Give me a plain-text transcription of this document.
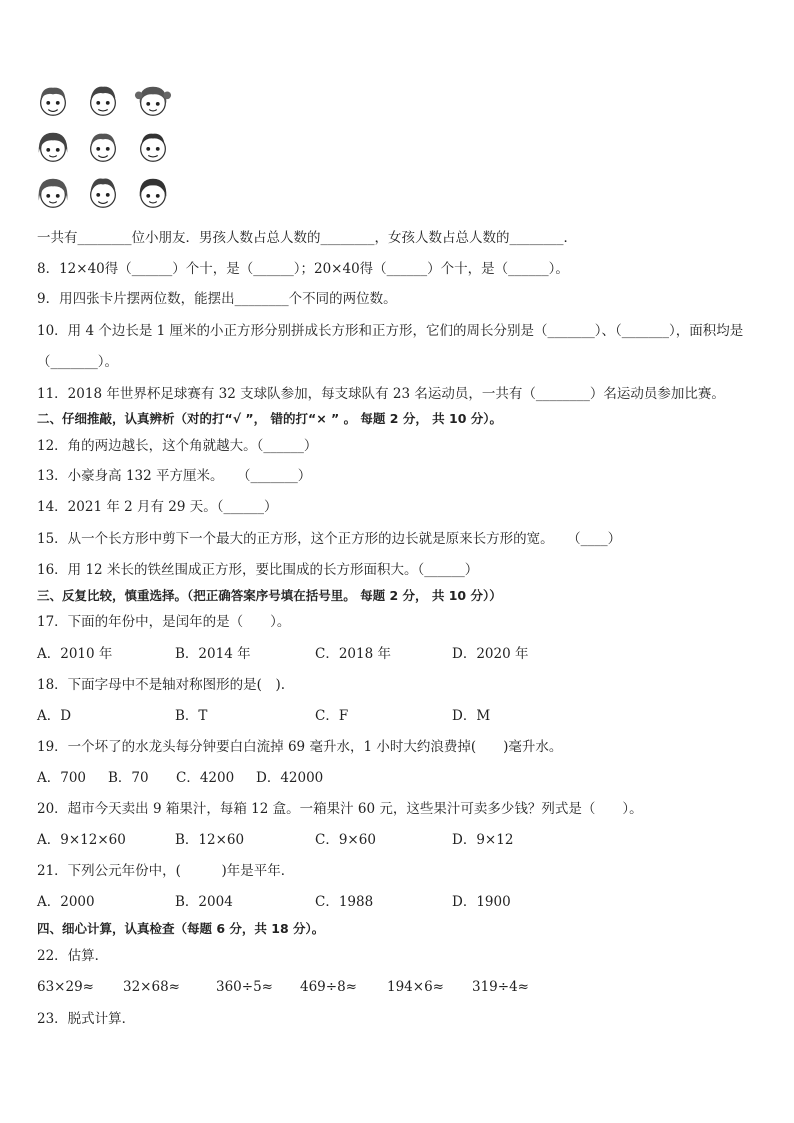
一共有________位小朋友．男孩人数占总人数的________，女孩人数占总人数的________．
8．12×40得（______）个十，是（______）；20×40得（______）个十，是（______）。
9．用四张卡片摆两位数，能摆出________个不同的两位数。
10．用 4 个边长是 1 厘米的小正方形分别拼成长方形和正方形，它们的周长分别是（_______）、（_______），面积均是
（_______）。
11．2018 年世界杯足球赛有 32 支球队参加，每支球队有 23 名运动员，一共有（________）名运动员参加比赛。
二、仔细推敲，认真辨析（对的打“√ ”， 错的打“× ” 。 每题 2 分， 共 10 分）。
12．角的两边越长，这个角就越大。（______）
13．小豪身高 132 平方厘米。　　（_______）
14．2021 年 2 月有 29 天。（______）
15．从一个长方形中剪下一个最大的正方形，这个正方形的边长就是原来长方形的宽。　　（____）
16．用 12 米长的铁丝围成正方形，要比围成的长方形面积大。（______）
三、反复比较，慎重选择。（把正确答案序号填在括号里。 每题 2 分， 共 10 分））
17．下面的年份中，是闰年的是（　　）。
A．2010 年	B．2014 年	C．2018 年	D．2020 年
18．下面字母中不是轴对称图形的是(　).
A．D	B．T	C．F	D．M
19．一个坏了的水龙头每分钟要白白流掉 69 毫升水，1 小时大约浪费掉(　　)毫升水。
A．700 B．70 C．4200 D．42000
20．超市今天卖出 9 箱果汁，每箱 12 盒。一箱果汁 60 元，这些果汁可卖多少钱？列式是（　　）。
A．9×12×60	B．12×60	C．9×60	D．9×12
21．下列公元年份中，(　　　)年是平年．
A．2000	B．2004	C．1988	D．1900
四、细心计算，认真检查（每题 6 分，共 18 分）。
22．估算．
63×29≈ 32×68≈	360÷5≈ 469÷8≈ 194×6≈ 319÷4≈
23．脱式计算．
